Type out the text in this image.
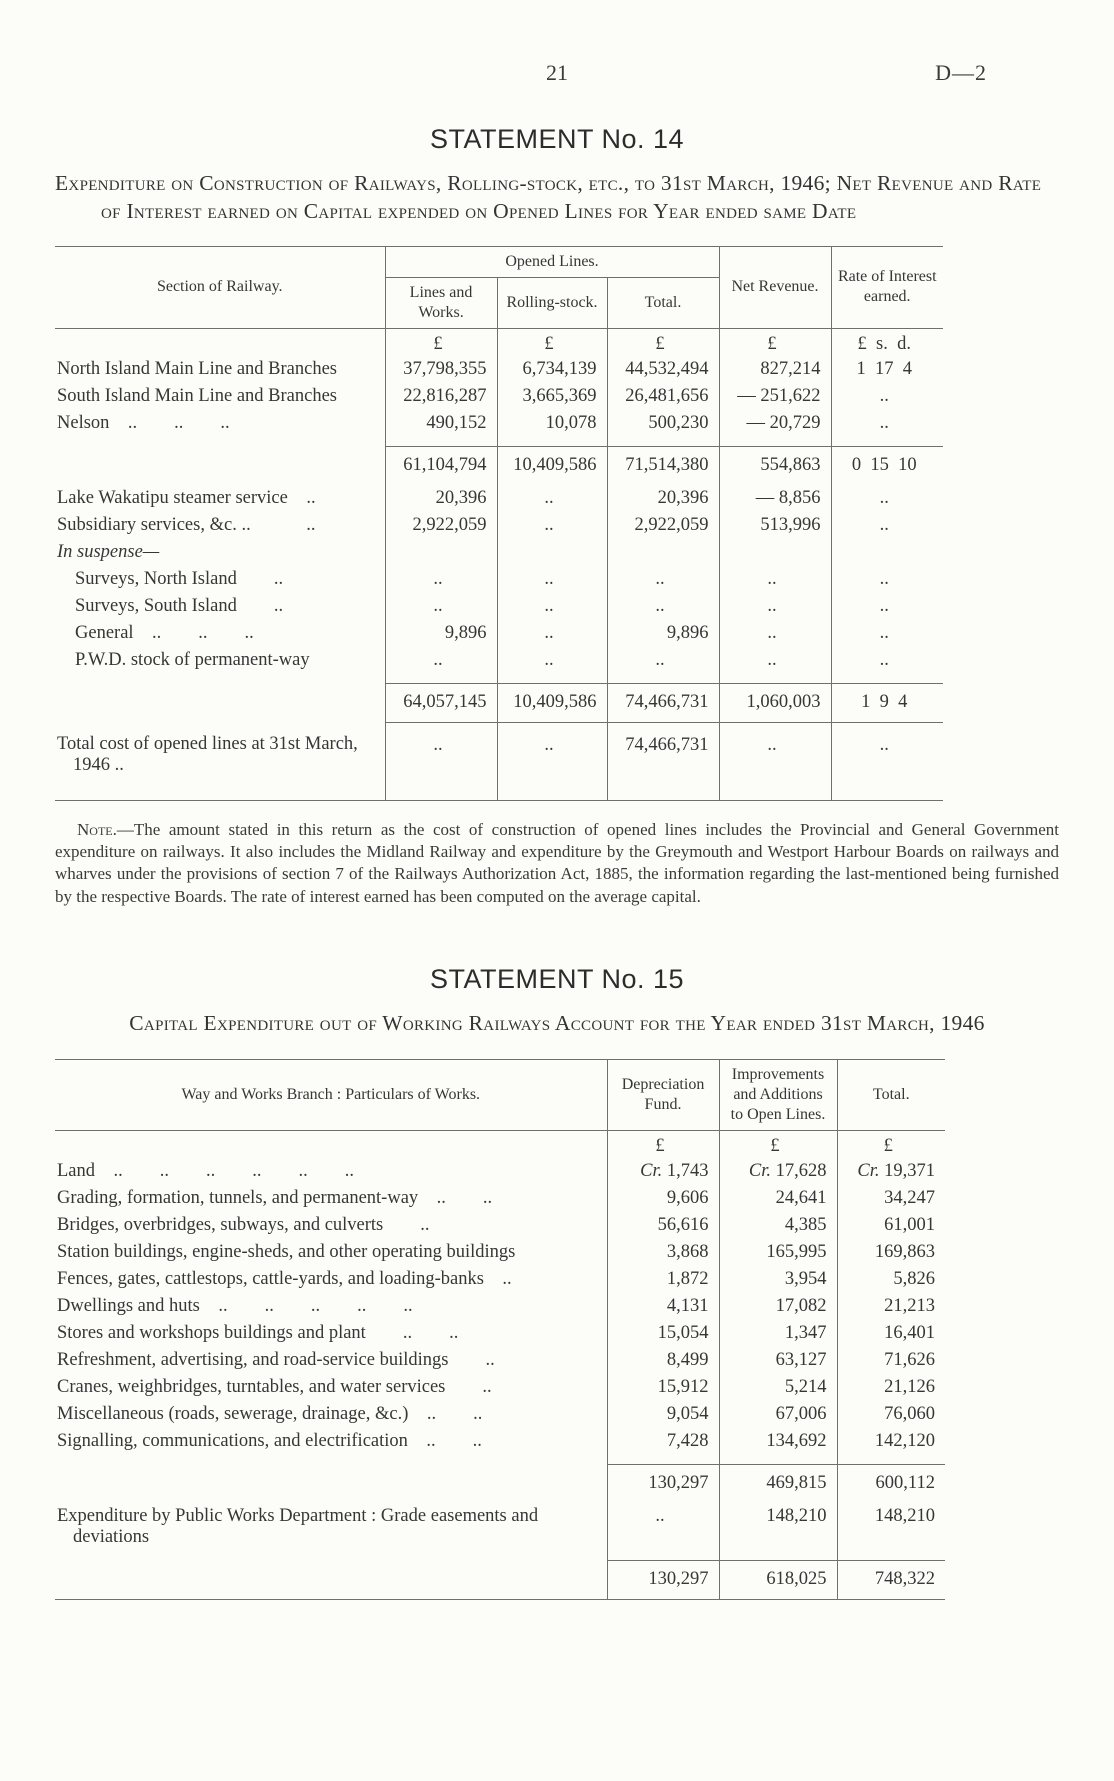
21	D—2
STATEMENT No. 14

Expenditure on Construction of Railways, Rolling-stock, etc., to 31st March, 1946; Net Revenue and Rate of Interest earned on Capital expended on Opened Lines for Year ended same Date

Section of Railway.	Opened Lines.			Net Revenue.	Rate of Interest earned.
	Lines and Works.	Rolling-stock.	Total.		
	£	£	£	£	£ s. d.
North Island Main Line and Branches	37,798,355	6,734,139	44,532,494	827,214	1 17 4
South Island Main Line and Branches	22,816,287	3,665,369	26,481,656	— 251,622	..
Nelson ..  ..  ..	490,152	10,078	500,230	— 20,729	..
	61,104,794	10,409,586	71,514,380	554,863	0 15 10
Lake Wakatipu steamer service ..	20,396	..	20,396	— 8,856	..
Subsidiary services, &c. ..   ..	2,922,059	..	2,922,059	513,996	..
In suspense—					
Surveys, North Island  ..	..	..	..	..	..
Surveys, South Island  ..	..	..	..	..	..
General ..  ..  ..	9,896	..	9,896	..	..
P.W.D. stock of permanent-way	..	..	..	..	..
	64,057,145	10,409,586	74,466,731	1,060,003	1 9 4
Total cost of opened lines at 31st March, 1946 ..	..	..	74,466,731	..	..

Note.—The amount stated in this return as the cost of construction of opened lines includes the Provincial and General Government expenditure on railways. It also includes the Midland Railway and expenditure by the Greymouth and Westport Harbour Boards on railways and wharves under the provisions of section 7 of the Railways Authorization Act, 1885, the information regarding the last-mentioned being furnished by the respective Boards. The rate of interest earned has been computed on the average capital.

STATEMENT No. 15

Capital Expenditure out of Working Railways Account for the Year ended 31st March, 1946

Way and Works Branch : Particulars of Works.	Depreciation Fund.	Improvements and Additions to Open Lines.	Total.
	£	£	£
Land ..  ..  ..  ..  ..  ..	Cr. 1,743	Cr. 17,628	Cr. 19,371
Grading, formation, tunnels, and permanent-way ..  ..	9,606	24,641	34,247
Bridges, overbridges, subways, and culverts  ..	56,616	4,385	61,001
Station buildings, engine-sheds, and other operating buildings	3,868	165,995	169,863
Fences, gates, cattlestops, cattle-yards, and loading-banks ..	1,872	3,954	5,826
Dwellings and huts ..  ..  ..  ..  ..	4,131	17,082	21,213
Stores and workshops buildings and plant  ..  ..	15,054	1,347	16,401
Refreshment, advertising, and road-service buildings  ..	8,499	63,127	71,626
Cranes, weighbridges, turntables, and water services  ..	15,912	5,214	21,126
Miscellaneous (roads, sewerage, drainage, &c.) ..  ..	9,054	67,006	76,060
Signalling, communications, and electrification ..  ..	7,428	134,692	142,120
	130,297	469,815	600,112
Expenditure by Public Works Department : Grade easements and deviations	..	148,210	148,210
	130,297	618,025	748,322
